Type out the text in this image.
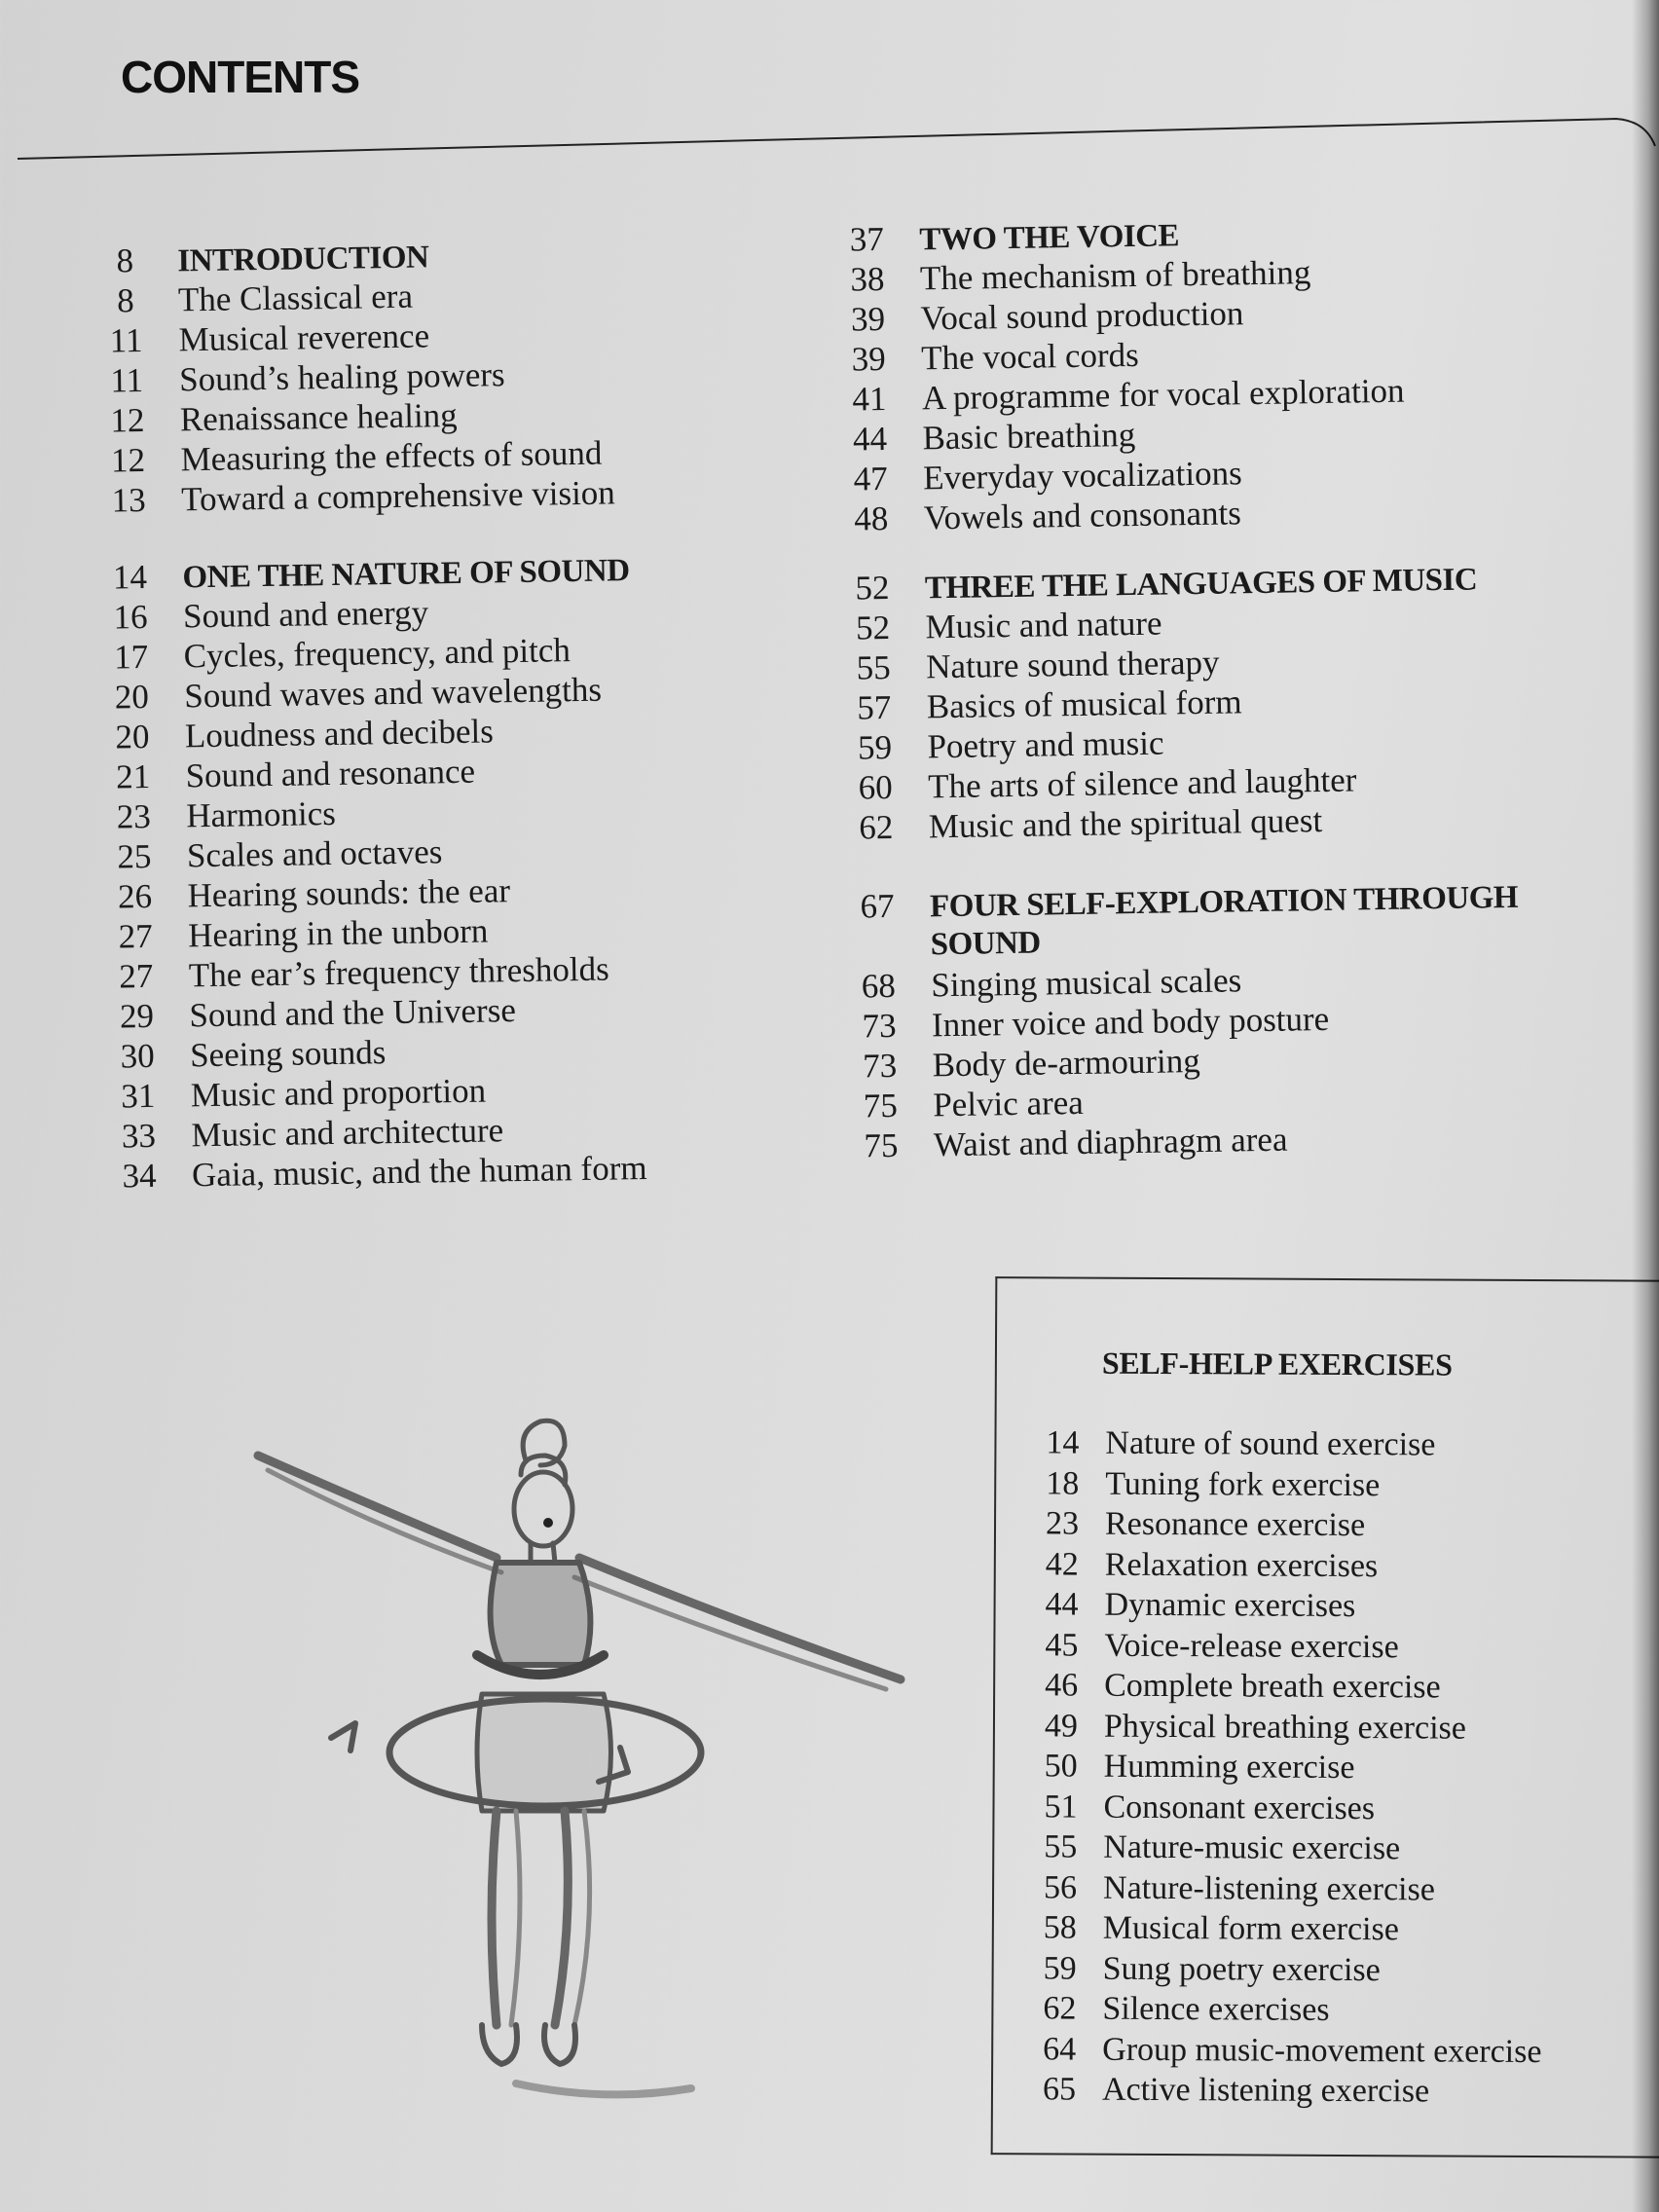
CONTENTS
8	INTRODUCTION
8	The Classical era
11	Musical reverence
11	Sound’s healing powers
12	Renaissance healing
12	Measuring the effects of sound
13	Toward a comprehensive vision
14	ONE THE NATURE OF SOUND
16	Sound and energy
17	Cycles, frequency, and pitch
20	Sound waves and wavelengths
20	Loudness and decibels
21	Sound and resonance
23	Harmonics
25	Scales and octaves
26	Hearing sounds: the ear
27	Hearing in the unborn
27	The ear’s frequency thresholds
29	Sound and the Universe
30	Seeing sounds
31	Music and proportion
33	Music and architecture
34	Gaia, music, and the human form
37	TWO THE VOICE
38	The mechanism of breathing
39	Vocal sound production
39	The vocal cords
41	A programme for vocal exploration
44	Basic breathing
47	Everyday vocalizations
48	Vowels and consonants
52	THREE THE LANGUAGES OF MUSIC
52	Music and nature
55	Nature sound therapy
57	Basics of musical form
59	Poetry and music
60	The arts of silence and laughter
62	Music and the spiritual quest
67	FOUR SELF-EXPLORATION THROUGH
SOUND
68	Singing musical scales
73	Inner voice and body posture
73	Body de-armouring
75	Pelvic area
75	Waist and diaphragm area
SELF-HELP EXERCISES
14 Nature of sound exercise
18 Tuning fork exercise
23 Resonance exercise
42 Relaxation exercises
44 Dynamic exercises
45 Voice-release exercise
46 Complete breath exercise
49 Physical breathing exercise
50 Humming exercise
51 Consonant exercises
55 Nature-music exercise
56 Nature-listening exercise
58 Musical form exercise
59 Sung poetry exercise
62 Silence exercises
64 Group music-movement exercise
65 Active listening exercise
